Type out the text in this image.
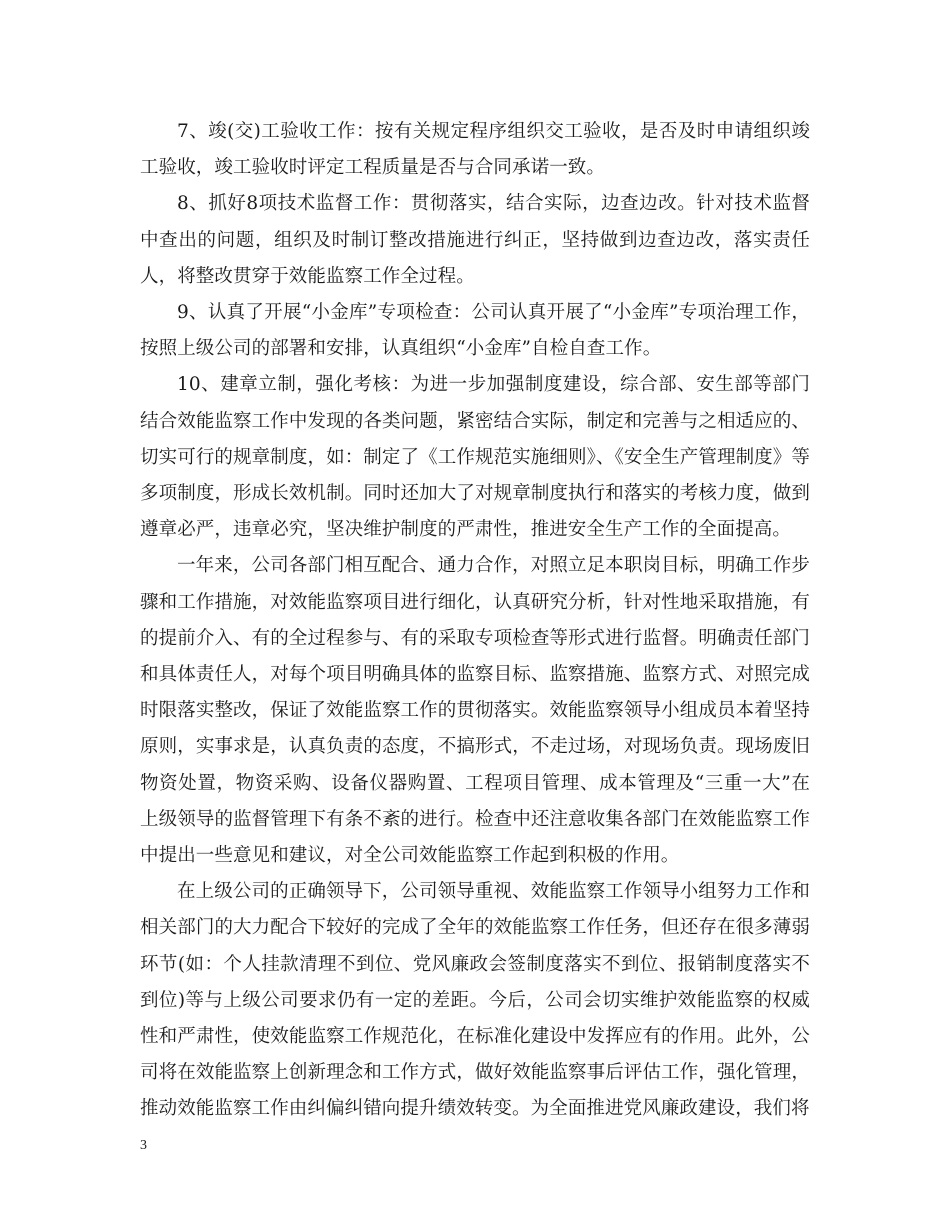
7、竣(交)工验收工作：按有关规定程序组织交工验收，是否及时申请组织竣工验收，竣工验收时评定工程质量是否与合同承诺一致。

8、抓好8项技术监督工作：贯彻落实，结合实际，边查边改。针对技术监督中查出的问题，组织及时制订整改措施进行纠正，坚持做到边查边改，落实责任人，将整改贯穿于效能监察工作全过程。

9、认真了开展“小金库”专项检查：公司认真开展了“小金库”专项治理工作，按照上级公司的部署和安排，认真组织“小金库”自检自查工作。

10、建章立制，强化考核：为进一步加强制度建设，综合部、安生部等部门结合效能监察工作中发现的各类问题，紧密结合实际，制定和完善与之相适应的、切实可行的规章制度，如：制定了《工作规范实施细则》、《安全生产管理制度》等多项制度，形成长效机制。同时还加大了对规章制度执行和落实的考核力度，做到遵章必严，违章必究，坚决维护制度的严肃性，推进安全生产工作的全面提高。

一年来，公司各部门相互配合、通力合作，对照立足本职岗目标，明确工作步骤和工作措施，对效能监察项目进行细化，认真研究分析，针对性地采取措施，有的提前介入、有的全过程参与、有的采取专项检查等形式进行监督。明确责任部门和具体责任人，对每个项目明确具体的监察目标、监察措施、监察方式、对照完成时限落实整改，保证了效能监察工作的贯彻落实。效能监察领导小组成员本着坚持原则，实事求是，认真负责的态度，不搞形式，不走过场，对现场负责。现场废旧物资处置，物资采购、设备仪器购置、工程项目管理、成本管理及“三重一大”在上级领导的监督管理下有条不紊的进行。检查中还注意收集各部门在效能监察工作中提出一些意见和建议，对全公司效能监察工作起到积极的作用。

在上级公司的正确领导下，公司领导重视、效能监察工作领导小组努力工作和相关部门的大力配合下较好的完成了全年的效能监察工作任务，但还存在很多薄弱环节(如：个人挂款清理不到位、党风廉政会签制度落实不到位、报销制度落实不到位)等与上级公司要求仍有一定的差距。今后，公司会切实维护效能监察的权威性和严肃性，使效能监察工作规范化，在标准化建设中发挥应有的作用。此外，公司将在效能监察上创新理念和工作方式，做好效能监察事后评估工作，强化管理，推动效能监察工作由纠偏纠错向提升绩效转变。为全面推进党风廉政建设，我们将

3
